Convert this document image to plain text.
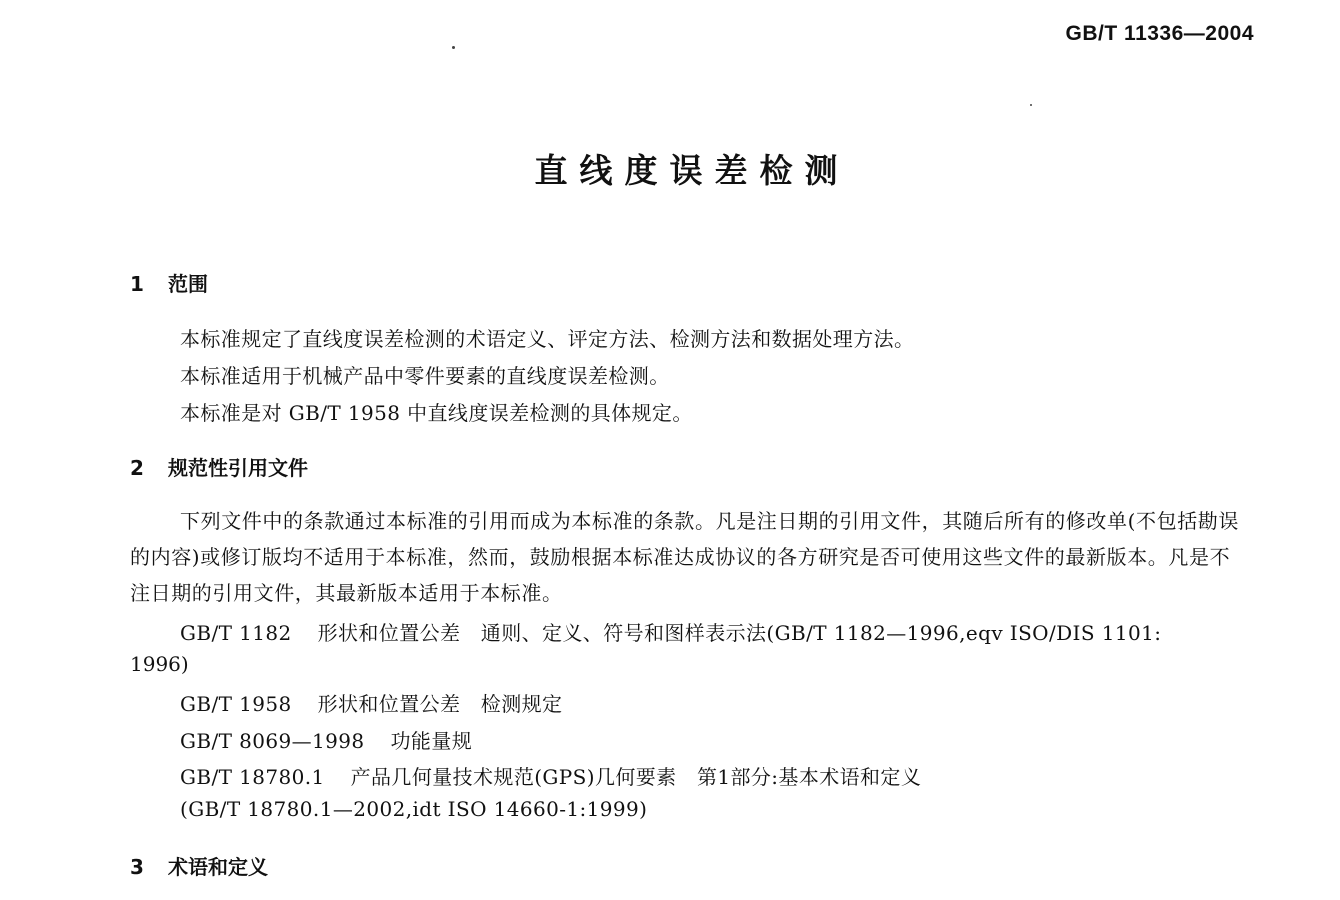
GB/T 11336—2004
直线度误差检测
1 范围
本标准规定了直线度误差检测的术语定义、评定方法、检测方法和数据处理方法。
本标准适用于机械产品中零件要素的直线度误差检测。
本标准是对 GB/T 1958 中直线度误差检测的具体规定。
2 规范性引用文件
下列文件中的条款通过本标准的引用而成为本标准的条款。凡是注日期的引用文件，其随后所有的修改单(不包括勘误的内容)或修订版均不适用于本标准，然而，鼓励根据本标准达成协议的各方研究是否可使用这些文件的最新版本。凡是不注日期的引用文件，其最新版本适用于本标准。
GB/T 1182 形状和位置公差　通则、定义、符号和图样表示法(GB/T 1182—1996,eqv ISO/DIS 1101:
1996)
GB/T 1958 形状和位置公差　检测规定
GB/T 8069—1998 功能量规
GB/T 18780.1 产品几何量技术规范(GPS)几何要素　第1部分:基本术语和定义
(GB/T 18780.1—2002,idt ISO 14660-1:1999)
3 术语和定义
